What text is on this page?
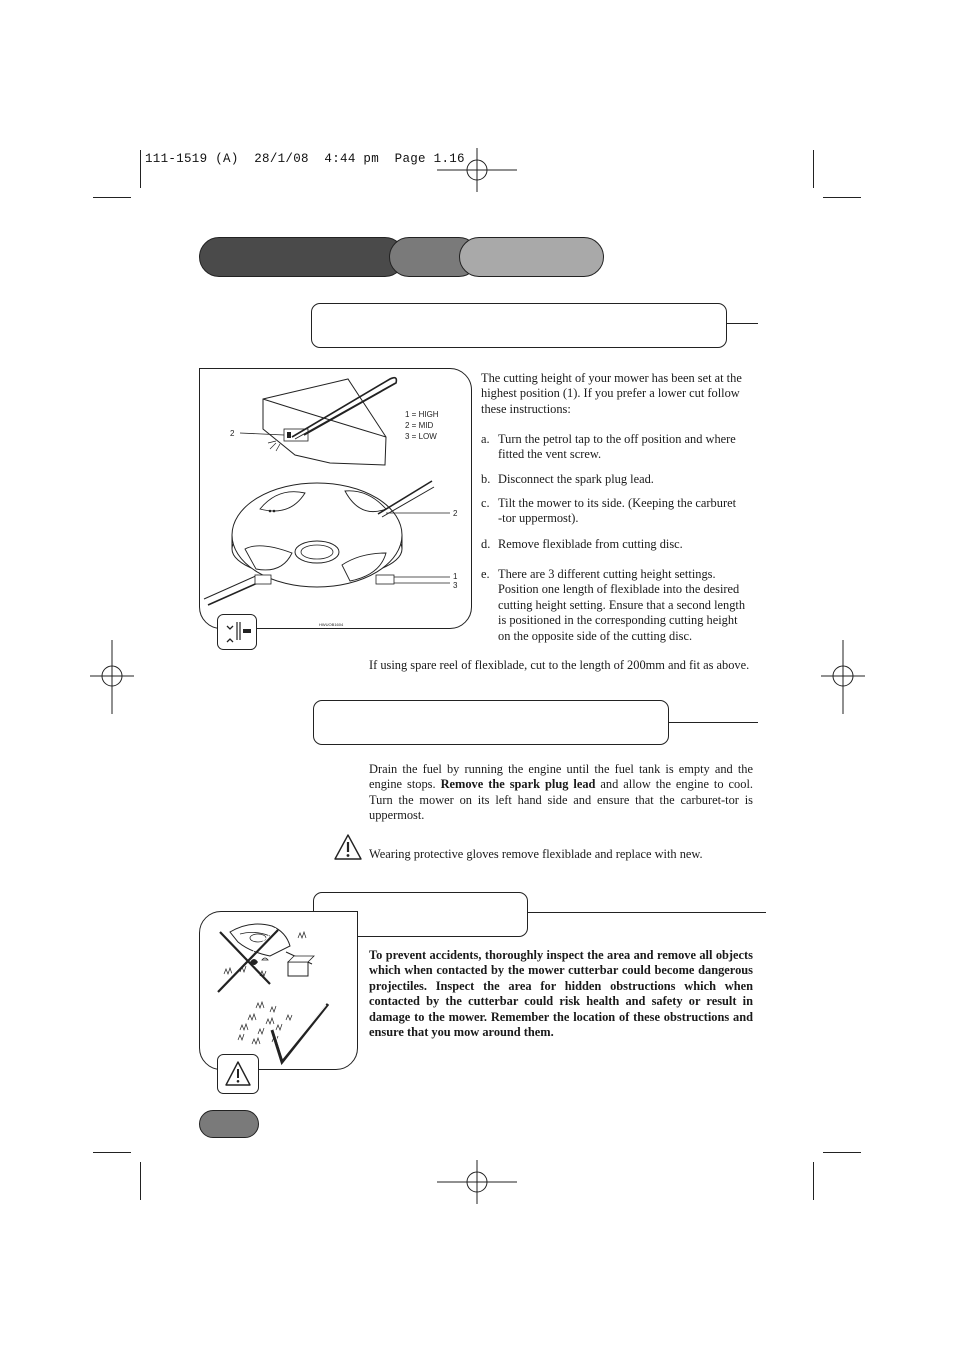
111-1519 (A)  28/1/08  4:44 pm  Page 1.16
2
1 = HIGH
2 = MID
3 = LOW
2
1
3
HWUOB1604
The cutting height of your mower has been set at the highest position (1). If you prefer a lower cut follow these instructions:
a. Turn the petrol tap to the off position and where
fitted the vent screw.
b. Disconnect the spark plug lead.
c. Tilt the mower to its side. (Keeping the carburet
-tor uppermost).
d. Remove flexiblade from cutting disc.
e. There are 3 different cutting height settings.
Position one length of flexiblade into the desired
cutting height setting. Ensure that a second length
is positioned in the corresponding cutting height
on the opposite side of the cutting disc.
If using spare reel of flexiblade, cut to the length of 200mm and fit as above.
Drain the fuel by running the engine until the fuel tank is empty and the engine stops. Remove the spark plug lead and allow the engine to cool. Turn the mower on its left hand side and ensure that the carburet-tor is uppermost.
Wearing protective gloves remove flexiblade and replace with new.
To prevent accidents, thoroughly inspect the area and remove all objects which when contacted by the mower cutterbar could become dangerous projectiles. Inspect the area for hidden obstructions which when contacted by the cutterbar could risk health and safety or result in damage to the mower. Remember the location of these obstructions and ensure that you mow around them.
